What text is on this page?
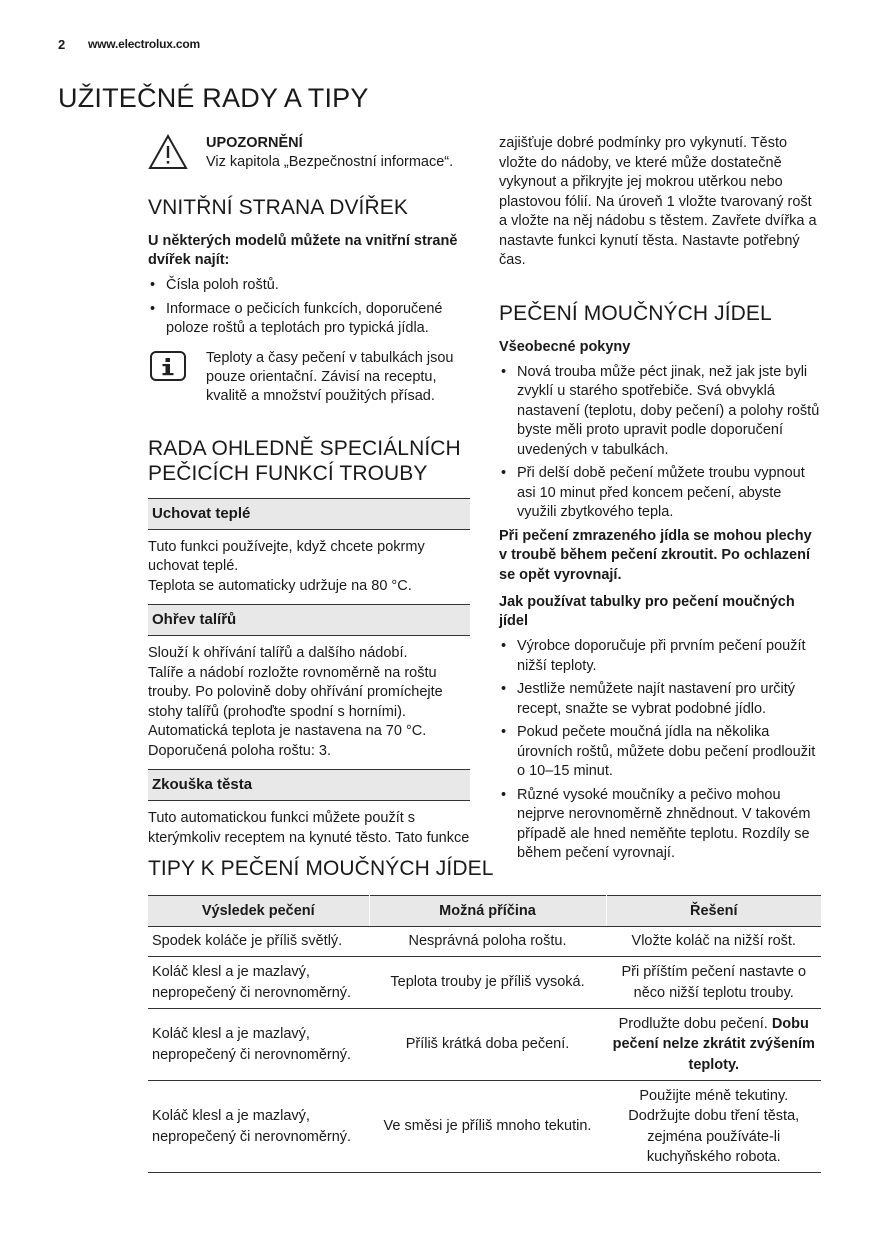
2 www.electrolux.com
UŽITEČNÉ RADY A TIPY
UPOZORNĚNÍ
Viz kapitola „Bezpečnostní informace“.
VNITŘNÍ STRANA DVÍŘEK
U některých modelů můžete na vnitřní straně dvířek najít:
• Čísla poloh roštů.
• Informace o pečicích funkcích, doporučené poloze roštů a teplotách pro typická jídla.
Teploty a časy pečení v tabulkách jsou pouze orientační. Závisí na receptu, kvalitě a množství použitých přísad.
RADA OHLEDNĚ SPECIÁLNÍCH PEČICÍCH FUNKCÍ TROUBY
Uchovat teplé

Tuto funkci používejte, když chcete pokrmy uchovat teplé.

Teplota se automaticky udržuje na 80 °C.

Ohřev talířů

Slouží k ohřívání talířů a dalšího nádobí.

Talíře a nádobí rozložte rovnoměrně na roštu trouby. Po polovině doby ohřívání promíchejte stohy talířů (prohoďte spodní s horními).

Automatická teplota je nastavena na 70 °C.

Doporučená poloha roštu: 3.

Zkouška těsta

Tuto automatickou funkci můžete použít s kterýmkoliv receptem na kynuté těsto. Tato funkce

zajišťuje dobré podmínky pro vykynutí. Těsto vložte do nádoby, ve které může dostatečně vykynout a přikryjte jej mokrou utěrkou nebo plastovou fólií. Na úroveň 1 vložte tvarovaný rošt a vložte na něj nádobu s těstem. Zavřete dvířka a nastavte funkci kynutí těsta. Nastavte potřebný čas.

PEČENÍ MOUČNÝCH JÍDEL
Všeobecné pokyny
• Nová trouba může péct jinak, než jak jste byli zvyklí u starého spotřebiče. Svá obvyklá nastavení (teplotu, doby pečení) a polohy roštů byste měli proto upravit podle doporučení uvedených v tabulkách.
• Při delší době pečení můžete troubu vypnout asi 10 minut před koncem pečení, abyste využili zbytkového tepla.

Při pečení zmrazeného jídla se mohou plechy v troubě během pečení zkroutit. Po ochlazení se opět vyrovnají.

Jak používat tabulky pro pečení moučných jídel
• Výrobce doporučuje při prvním pečení použít nižší teploty.
• Jestliže nemůžete najít nastavení pro určitý recept, snažte se vybrat podobné jídlo.
• Pokud pečete moučná jídla na několika úrovních roštů, můžete dobu pečení prodloužit o 10–15 minut.
• Různé vysoké moučníky a pečivo mohou nejprve nerovnoměrně zhnědnout. V takovém případě ale hned neměňte teplotu. Rozdíly se během pečení vyrovnají.
TIPY K PEČENÍ MOUČNÝCH JÍDEL
Výsledek pečení	Možná příčina	Řešení
Spodek koláče je příliš světlý.	Nesprávná poloha roštu.	Vložte koláč na nižší rošt.
Koláč klesl a je mazlavý, nepropečený či nerovnoměrný.	Teplota trouby je příliš vysoká.	Při příštím pečení nastavte o něco nižší teplotu trouby.
Koláč klesl a je mazlavý, nepropečený či nerovnoměrný.	Příliš krátká doba pečení.	Prodlužte dobu pečení. Dobu pečení nelze zkrátit zvýšením teploty.
Koláč klesl a je mazlavý, nepropečený či nerovnoměrný.	Ve směsi je příliš mnoho tekutin.	Použijte méně tekutiny. Dodržujte dobu tření těsta, zejména používáte-li kuchyňského robota.
